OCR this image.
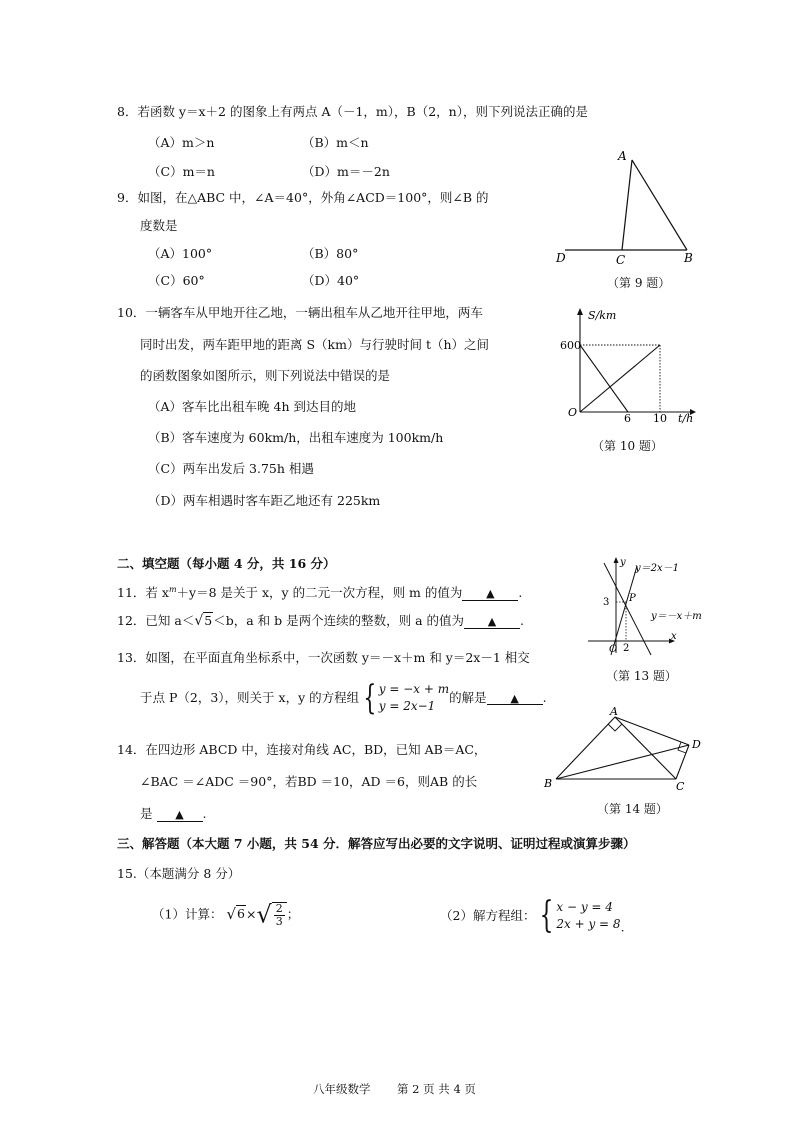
8．若函数 y＝x＋2 的图象上有两点 A（－1，m），B（2，n），则下列说法正确的是
（A）m＞n	（B）m＜n
（C）m＝n	（D）m＝－2n
9．如图，在△ABC 中，∠A＝40°，外角∠ACD＝100°，则∠B 的
度数是
（A）100°	（B）80°
（C）60°	（D）40°
A
D	C	B
（第 9 题）
10．一辆客车从甲地开往乙地，一辆出租车从乙地开往甲地，两车
同时出发，两车距甲地的距离 S（km）与行驶时间 t（h）之间
的函数图象如图所示，则下列说法中错误的是
（A）客车比出租车晚 4h 到达目的地
（B）客车速度为 60km/h，出租车速度为 100km/h
（C）两车出发后 3.75h 相遇
（D）两车相遇时客车距乙地还有 225km
S/km
600
O	6 10 t/h
（第 10 题）
二、填空题（每小题 4 分，共 16 分）
11．若 $x^m+y=8$ 是关于 x，y 的二元一次方程，则 m 的值为 ▲ .
12．已知 a＜√5＜b，a 和 b 是两个连续的整数，则 a 的值为 ▲ .
13．如图，在平面直角坐标系中，一次函数 y＝－x＋m 和 y＝2x－1 相交
于点 P（2，3），则关于 x，y 的方程组 { y = −x + m
y = 2x−1
的解是 ▲ .
y
x
O
3
2
P
y＝2x－1
y＝－x＋m
（第 13 题）
14．在四边形 ABCD 中，连接对角线 AC，BD，已知 AB＝AC，
∠BAC ＝∠ADC ＝90°，若BD ＝10，AD ＝6，则AB 的长
是 ▲ .
A
B	C
D
（第 14 题）
三、解答题（本大题 7 小题，共 54 分．解答应写出必要的文字说明、证明过程或演算步骤）
15.（本题满分 8 分）
（1）计算： $√6\times√ \frac{2}{3}$ ；	（2）解方程组： { x − y = 4
2x + y = 8 .
八年级数学 第 2 页 共 4 页
